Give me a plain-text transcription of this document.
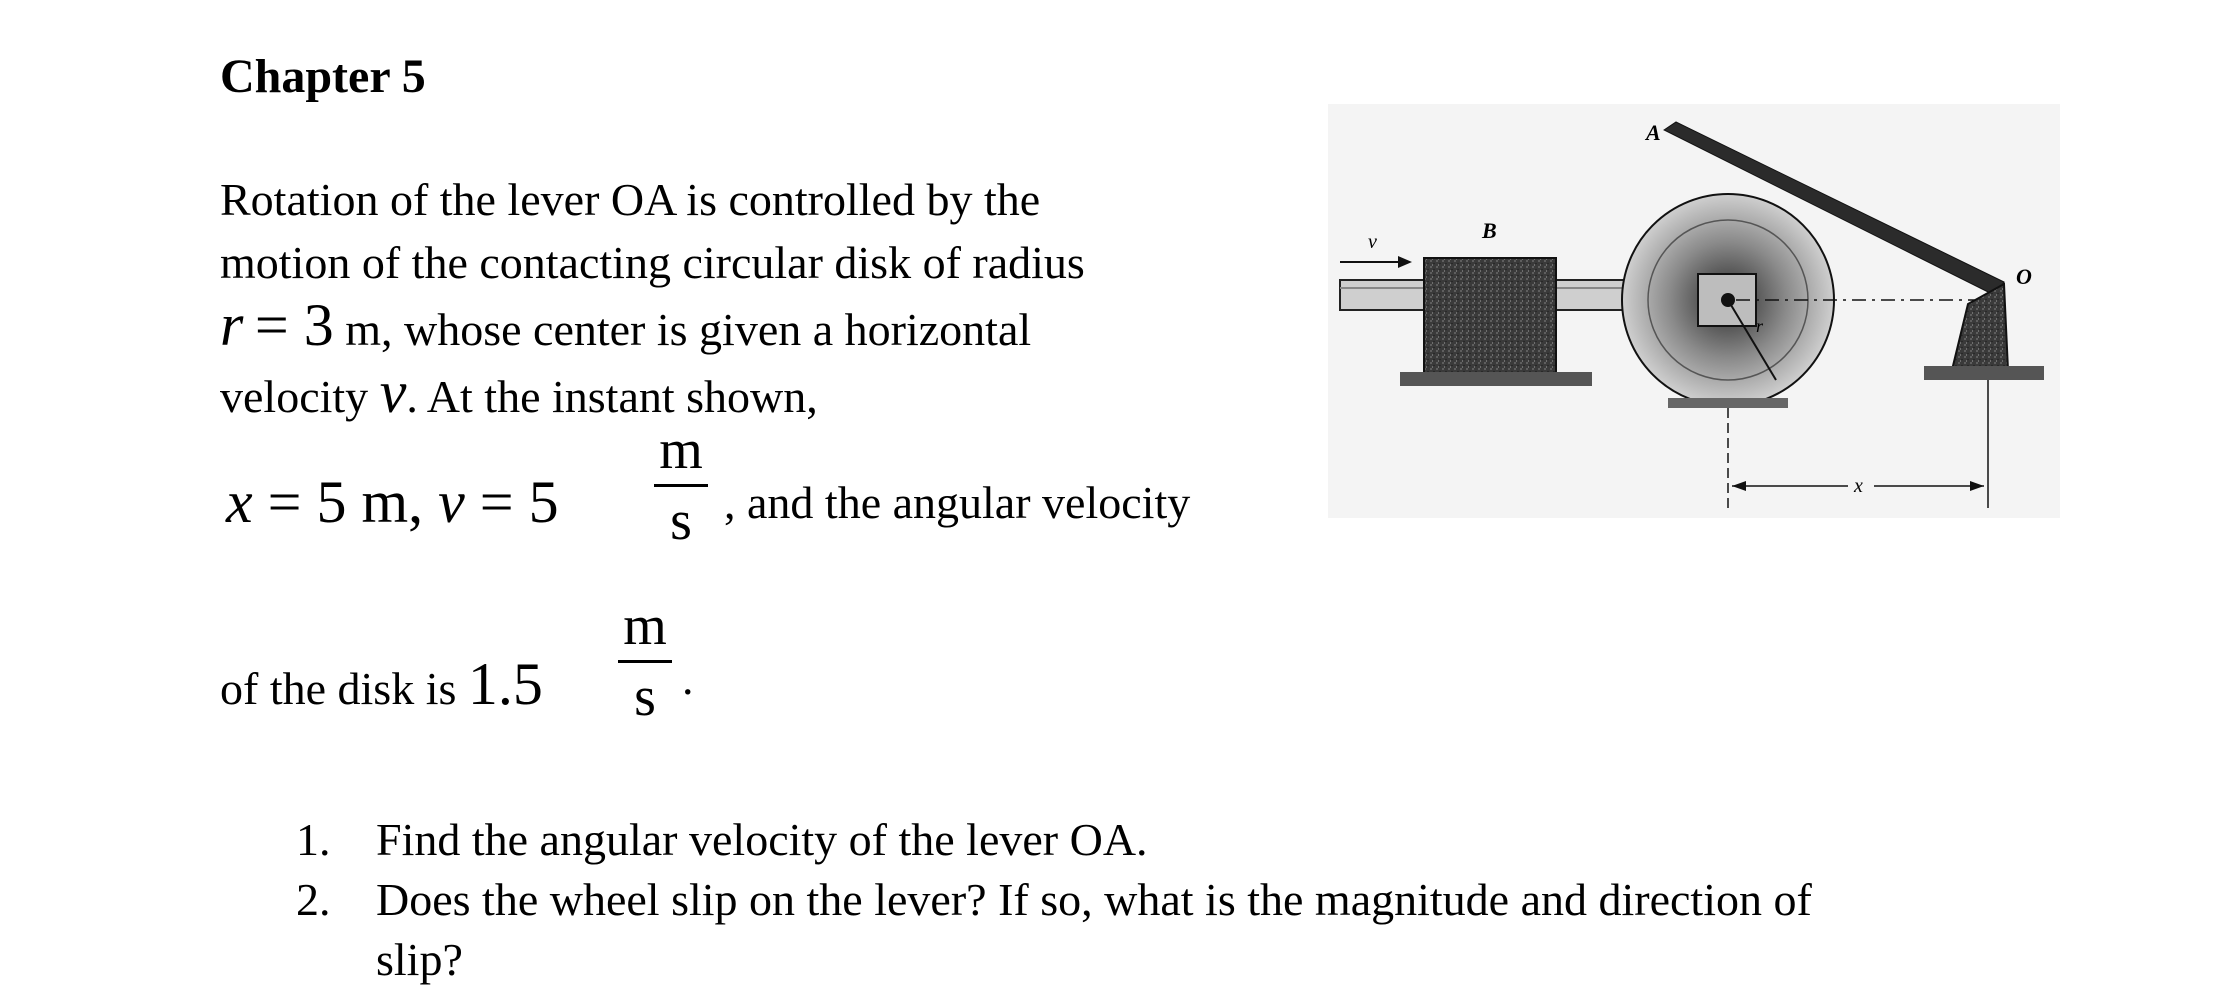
Chapter 5
Rotation of the lever OA is controlled by the
motion of the contacting circular disk of radius
r = 3 m, whose center is given a horizontal
velocity v. At the instant shown,
x = 5 m, v = 5
m
s , and the angular velocity
of the disk is 1.5
m
s .
1. Find the angular velocity of the lever OA.
2. Does the wheel slip on the lever? If so, what is the magnitude and direction of
slip?
v
r
A
O
B
x
